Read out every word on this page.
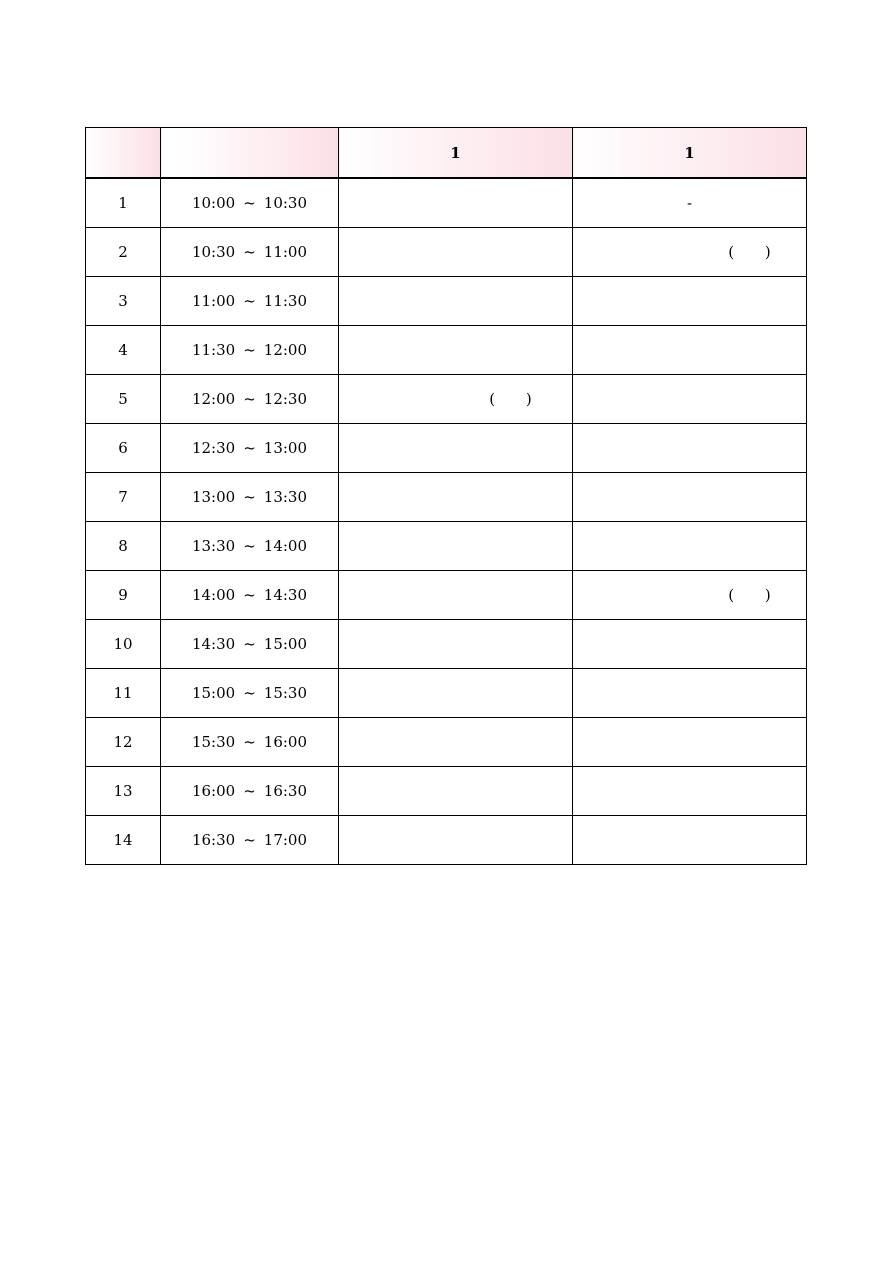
		1	1
1	10:00 ~ 10:30		-
2	10:30 ~ 11:00		( )
3	11:00 ~ 11:30		
4	11:30 ~ 12:00		
5	12:00 ~ 12:30	( )	
6	12:30 ~ 13:00		
7	13:00 ~ 13:30		
8	13:30 ~ 14:00		
9	14:00 ~ 14:30		( )
10	14:30 ~ 15:00		
11	15:00 ~ 15:30		
12	15:30 ~ 16:00		
13	16:00 ~ 16:30		
14	16:30 ~ 17:00		
